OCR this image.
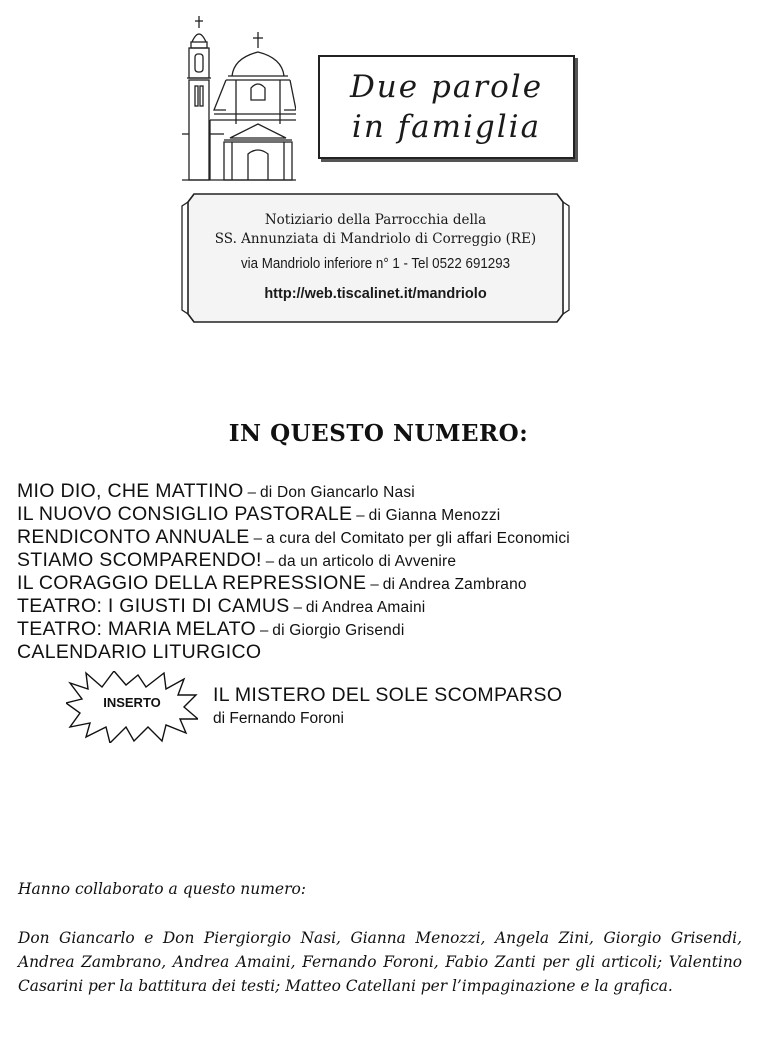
Due parole
in famiglia
Notiziario della Parrocchia della
SS. Annunziata di Mandriolo di Correggio (RE)
via Mandriolo inferiore n° 1 - Tel 0522 691293
http://web.tiscalinet.it/mandriolo
IN QUESTO NUMERO:
MIO DIO, CHE MATTINO – di Don Giancarlo Nasi
IL NUOVO CONSIGLIO PASTORALE – di Gianna Menozzi
RENDICONTO ANNUALE – a cura del Comitato per gli affari Economici
STIAMO SCOMPARENDO! – da un articolo di Avvenire
IL CORAGGIO DELLA REPRESSIONE – di Andrea Zambrano
TEATRO: I GIUSTI DI CAMUS – di Andrea Amaini
TEATRO: MARIA MELATO – di Giorgio Grisendi
CALENDARIO LITURGICO
INSERTO	IL MISTERO DEL SOLE SCOMPARSO
di Fernando Foroni
Hanno collaborato a questo numero:
Don Giancarlo e Don Piergiorgio Nasi, Gianna Menozzi, Angela Zini, Giorgio Grisendi, Andrea Zambrano, Andrea Amaini, Fernando Foroni, Fabio Zanti per gli articoli; Valentino Casarini per la battitura dei testi; Matteo Catellani per l’impaginazione e la grafica.
